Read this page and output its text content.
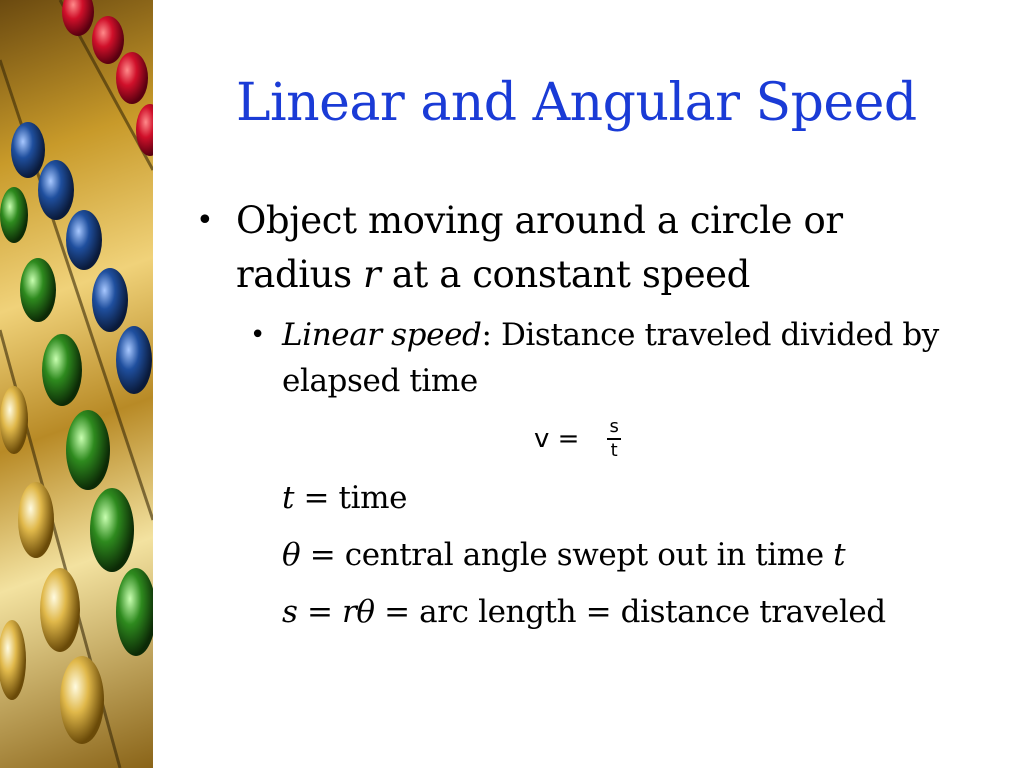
Linear and Angular Speed
• Object moving around a circle or radius r at a constant speed
• Linear speed: Distance traveled divided by elapsed time
$v = \frac{s}{t}$
t = time
θ = central angle swept out in time t
s = rθ = arc length = distance traveled
